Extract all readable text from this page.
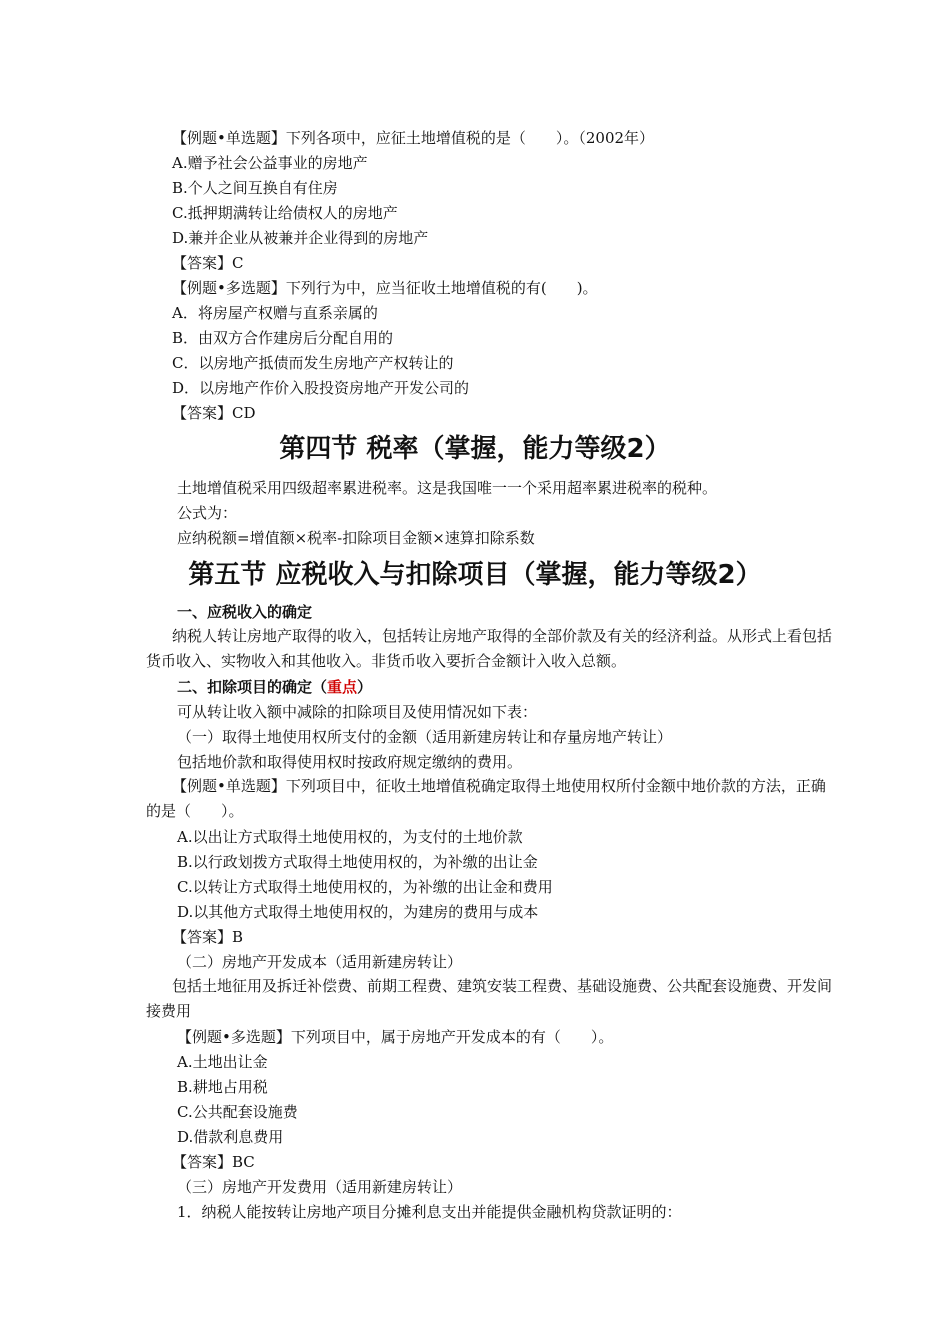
【例题•单选题】下列各项中，应征土地增值税的是（　　）。（2002年）
A.赠予社会公益事业的房地产
B.个人之间互换自有住房
C.抵押期满转让给债权人的房地产
D.兼并企业从被兼并企业得到的房地产
【答案】C
【例题•多选题】下列行为中，应当征收土地增值税的有(　　)。
A．将房屋产权赠与直系亲属的
B．由双方合作建房后分配自用的
C．以房地产抵债而发生房地产产权转让的
D．以房地产作价入股投资房地产开发公司的
【答案】CD
第四节 税率（掌握，能力等级2）
土地增值税采用四级超率累进税率。这是我国唯一一个采用超率累进税率的税种。
公式为：
应纳税额=增值额×税率-扣除项目金额×速算扣除系数
第五节 应税收入与扣除项目（掌握，能力等级2）
一、应税收入的确定
纳税人转让房地产取得的收入，包括转让房地产取得的全部价款及有关的经济利益。从形式上看包括货币收入、实物收入和其他收入。非货币收入要折合金额计入收入总额。
二、扣除项目的确定（重点）
可从转让收入额中减除的扣除项目及使用情况如下表：
（一）取得土地使用权所支付的金额（适用新建房转让和存量房地产转让）
包括地价款和取得使用权时按政府规定缴纳的费用。
【例题•单选题】下列项目中，征收土地增值税确定取得土地使用权所付金额中地价款的方法，正确的是（　　）。
A.以出让方式取得土地使用权的，为支付的土地价款
B.以行政划拨方式取得土地使用权的，为补缴的出让金
C.以转让方式取得土地使用权的，为补缴的出让金和费用
D.以其他方式取得土地使用权的，为建房的费用与成本
【答案】B
（二）房地产开发成本（适用新建房转让）
包括土地征用及拆迁补偿费、前期工程费、建筑安装工程费、基础设施费、公共配套设施费、开发间接费用
【例题•多选题】下列项目中，属于房地产开发成本的有（　　）。
A.土地出让金
B.耕地占用税
C.公共配套设施费
D.借款利息费用
【答案】BC
（三）房地产开发费用（适用新建房转让）
1．纳税人能按转让房地产项目分摊利息支出并能提供金融机构贷款证明的：
